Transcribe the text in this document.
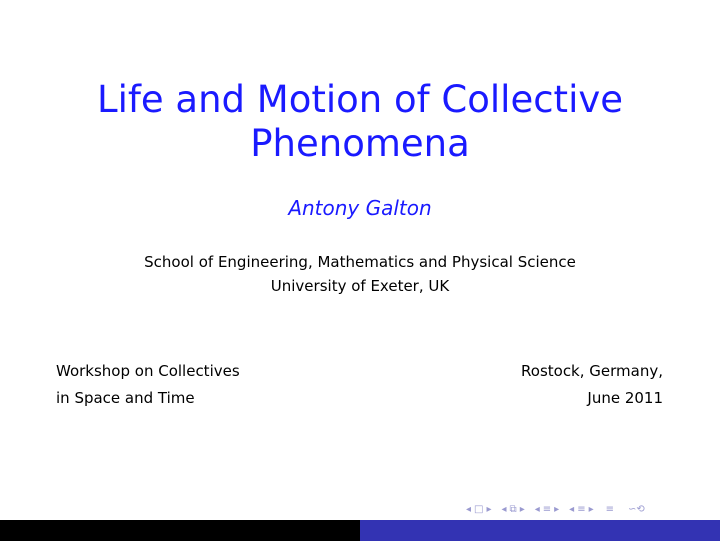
Life and Motion of Collective
Phenomena
Antony Galton
School of Engineering, Mathematics and Physical Science
University of Exeter, UK
Workshop on Collectives
in Space and Time
Rostock, Germany,
June 2011
◂ □ ▸ ◂ ⧉ ▸ ◂ ≡ ▸ ◂ ≡ ▸ ≡ ∽⟲
